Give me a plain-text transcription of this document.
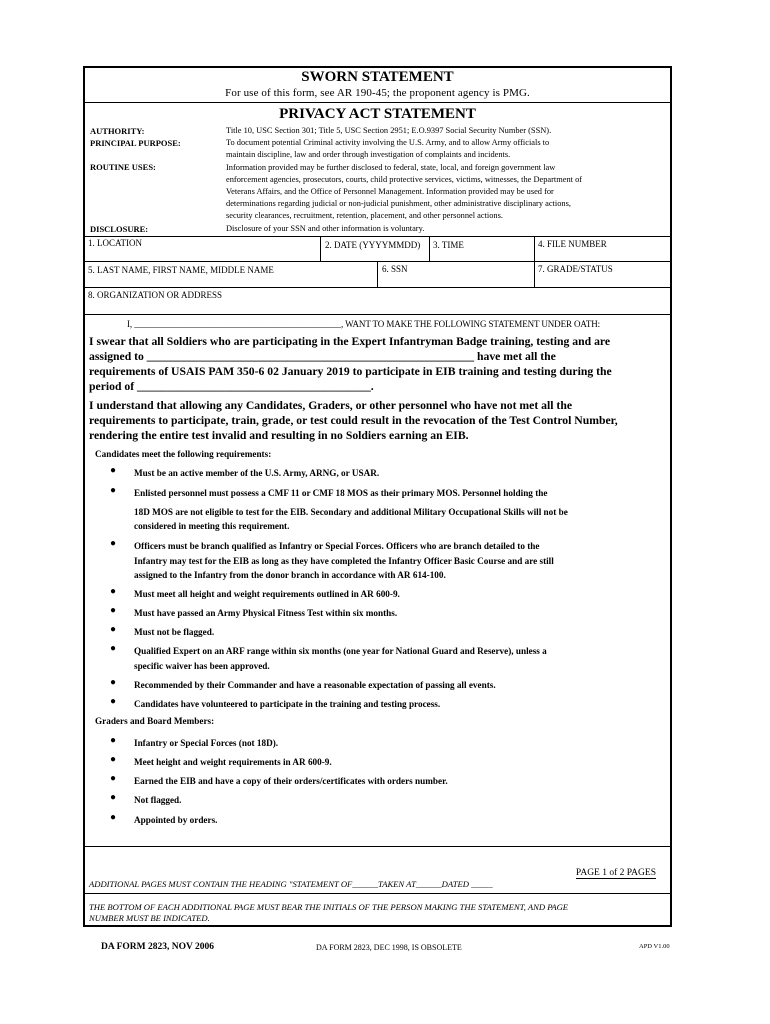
SWORN STATEMENT
For use of this form, see AR 190-45; the proponent agency is PMG.
PRIVACY ACT STATEMENT
AUTHORITY:	Title 10, USC Section 301; Title 5, USC Section 2951; E.O.9397 Social Security Number (SSN).
PRINCIPAL PURPOSE:	To document potential Criminal activity involving the U.S. Army, and to allow Army officials to
maintain discipline, law and order through investigation of complaints and incidents.
ROUTINE USES:	Information provided may be further disclosed to federal, state, local, and foreign government law
enforcement agencies, prosecutors, courts, child protective services, victims, witnesses, the Department of
Veterans Affairs, and the Office of Personnel Management. Information provided may be used for
determinations regarding judicial or non-judicial punishment, other administrative disciplinary actions,
security clearances, recruitment, retention, placement, and other personnel actions.
DISCLOSURE:	Disclosure of your SSN and other information is voluntary.
1. LOCATION	2. DATE (YYYYMMDD) 3. TIME	4. FILE NUMBER
5. LAST NAME, FIRST NAME, MIDDLE NAME	6. SSN	7. GRADE/STATUS
8. ORGANIZATION OR ADDRESS
I, _______________________________________________, WANT TO MAKE THE FOLLOWING STATEMENT UNDER OATH:
I swear that all Soldiers who are participating in the Expert Infantryman Badge training, testing and are
assigned to ________________________________________________________ have met all the
requirements of USAIS PAM 350-6 02 January 2019 to participate in EIB training and testing during the
period of ________________________________________.
I understand that allowing any Candidates, Graders, or other personnel who have not met all the
requirements to participate, train, grade, or test could result in the revocation of the Test Control Number,
rendering the entire test invalid and resulting in no Soldiers earning an EIB.
Candidates meet the following requirements:
● Must be an active member of the U.S. Army, ARNG, or USAR.
● Enlisted personnel must possess a CMF 11 or CMF 18 MOS as their primary MOS. Personnel holding the
18D MOS are not eligible to test for the EIB. Secondary and additional Military Occupational Skills will not be
considered in meeting this requirement.
● Officers must be branch qualified as Infantry or Special Forces. Officers who are branch detailed to the
Infantry may test for the EIB as long as they have completed the Infantry Officer Basic Course and are still
assigned to the Infantry from the donor branch in accordance with AR 614-100.
● Must meet all height and weight requirements outlined in AR 600-9.
● Must have passed an Army Physical Fitness Test within six months.
● Must not be flagged.
● Qualified Expert on an ARF range within six months (one year for National Guard and Reserve), unless a
specific waiver has been approved.
● Recommended by their Commander and have a reasonable expectation of passing all events.
● Candidates have volunteered to participate in the training and testing process.
Graders and Board Members:
● Infantry or Special Forces (not 18D).
● Meet height and weight requirements in AR 600-9.
● Earned the EIB and have a copy of their orders/certificates with orders number.
● Not flagged.
● Appointed by orders.
PAGE 1 of 2 PAGES
ADDITIONAL PAGES MUST CONTAIN THE HEADING "STATEMENT OF______TAKEN AT______DATED _____
THE BOTTOM OF EACH ADDITIONAL PAGE MUST BEAR THE INITIALS OF THE PERSON MAKING THE STATEMENT, AND PAGE
NUMBER MUST BE INDICATED.
DA FORM 2823, NOV 2006	DA FORM 2823, DEC 1998, IS OBSOLETE	APD V1.00
